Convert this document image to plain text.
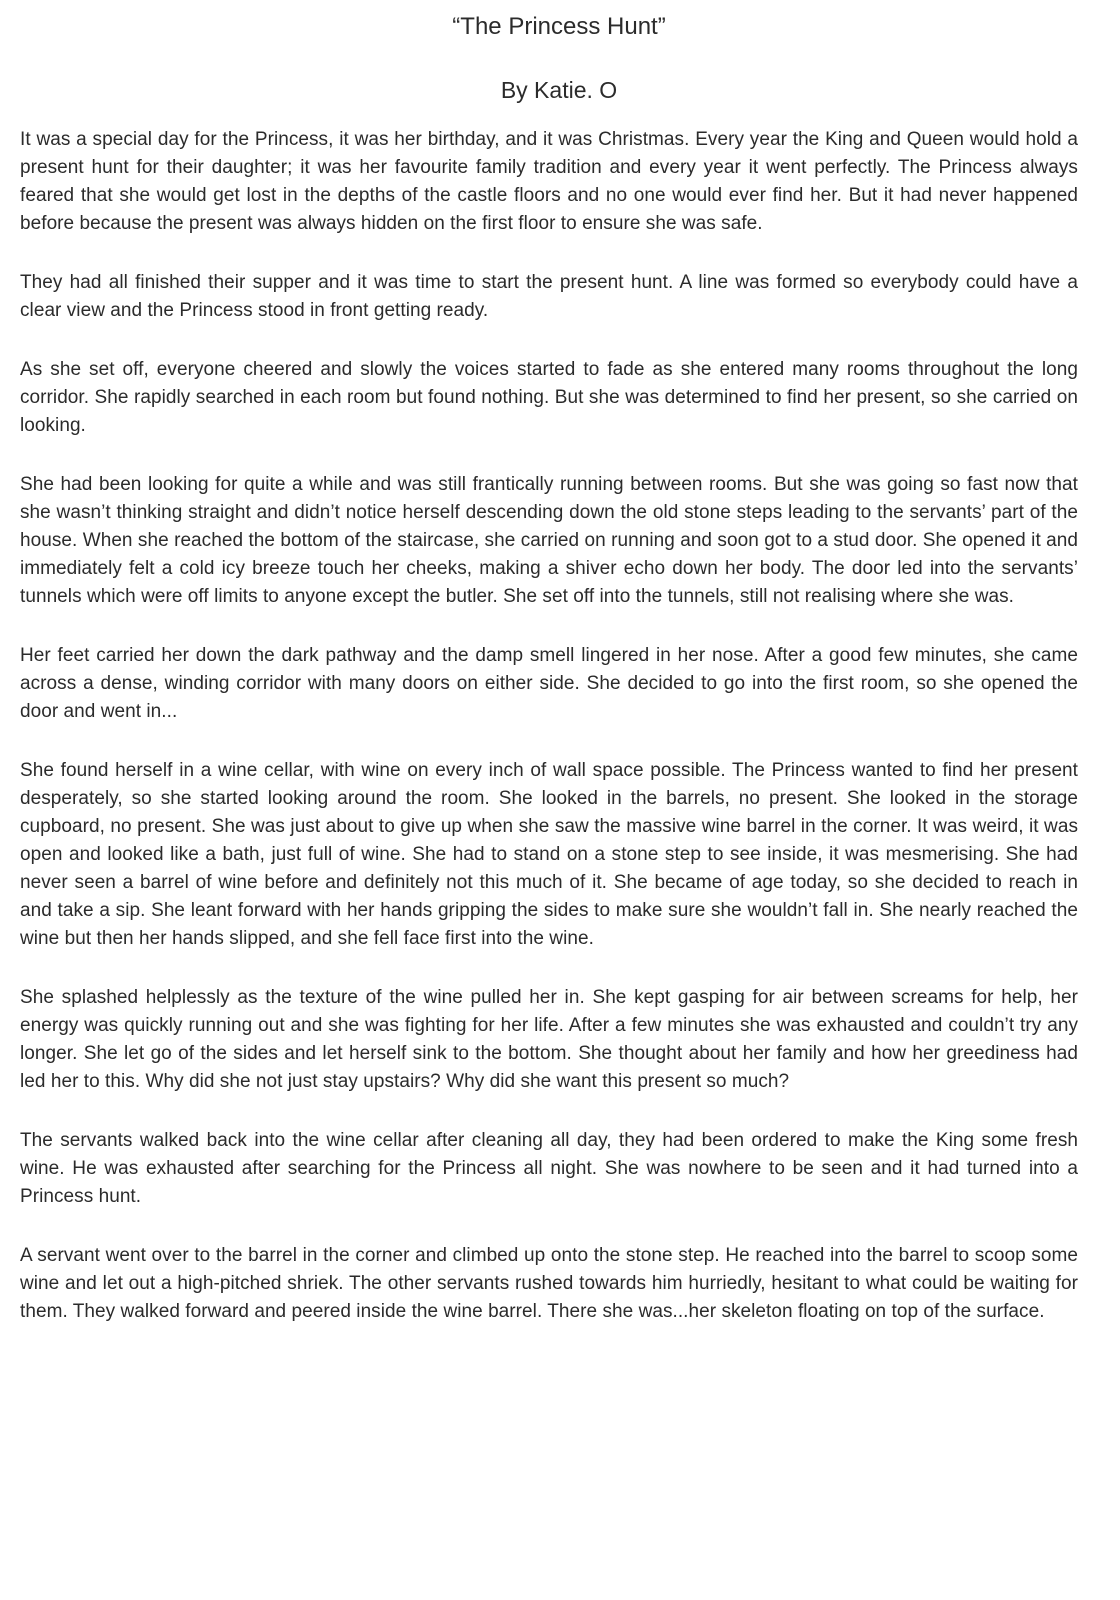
“The Princess Hunt”
By Katie. O

It was a special day for the Princess, it was her birthday, and it was Christmas. Every year the King and Queen would hold a present hunt for their daughter; it was her favourite family tradition and every year it went perfectly. The Princess always feared that she would get lost in the depths of the castle floors and no one would ever find her. But it had never happened before because the present was always hidden on the first floor to ensure she was safe.

They had all finished their supper and it was time to start the present hunt. A line was formed so everybody could have a clear view and the Princess stood in front getting ready.

As she set off, everyone cheered and slowly the voices started to fade as she entered many rooms throughout the long corridor. She rapidly searched in each room but found nothing. But she was determined to find her present, so she carried on looking.

She had been looking for quite a while and was still frantically running between rooms. But she was going so fast now that she wasn’t thinking straight and didn’t notice herself descending down the old stone steps leading to the servants’ part of the house. When she reached the bottom of the staircase, she carried on running and soon got to a stud door. She opened it and immediately felt a cold icy breeze touch her cheeks, making a shiver echo down her body. The door led into the servants’ tunnels which were off limits to anyone except the butler. She set off into the tunnels, still not realising where she was.

Her feet carried her down the dark pathway and the damp smell lingered in her nose. After a good few minutes, she came across a dense, winding corridor with many doors on either side. She decided to go into the first room, so she opened the door and went in...

She found herself in a wine cellar, with wine on every inch of wall space possible. The Princess wanted to find her present desperately, so she started looking around the room. She looked in the barrels, no present. She looked in the storage cupboard, no present. She was just about to give up when she saw the massive wine barrel in the corner. It was weird, it was open and looked like a bath, just full of wine. She had to stand on a stone step to see inside, it was mesmerising. She had never seen a barrel of wine before and definitely not this much of it. She became of age today, so she decided to reach in and take a sip. She leant forward with her hands gripping the sides to make sure she wouldn’t fall in. She nearly reached the wine but then her hands slipped, and she fell face first into the wine.

She splashed helplessly as the texture of the wine pulled her in. She kept gasping for air between screams for help, her energy was quickly running out and she was fighting for her life. After a few minutes she was exhausted and couldn’t try any longer. She let go of the sides and let herself sink to the bottom. She thought about her family and how her greediness had led her to this. Why did she not just stay upstairs? Why did she want this present so much?

The servants walked back into the wine cellar after cleaning all day, they had been ordered to make the King some fresh wine. He was exhausted after searching for the Princess all night. She was nowhere to be seen and it had turned into a Princess hunt.

A servant went over to the barrel in the corner and climbed up onto the stone step. He reached into the barrel to scoop some wine and let out a high-pitched shriek. The other servants rushed towards him hurriedly, hesitant to what could be waiting for them. They walked forward and peered inside the wine barrel. There she was...her skeleton floating on top of the surface.
